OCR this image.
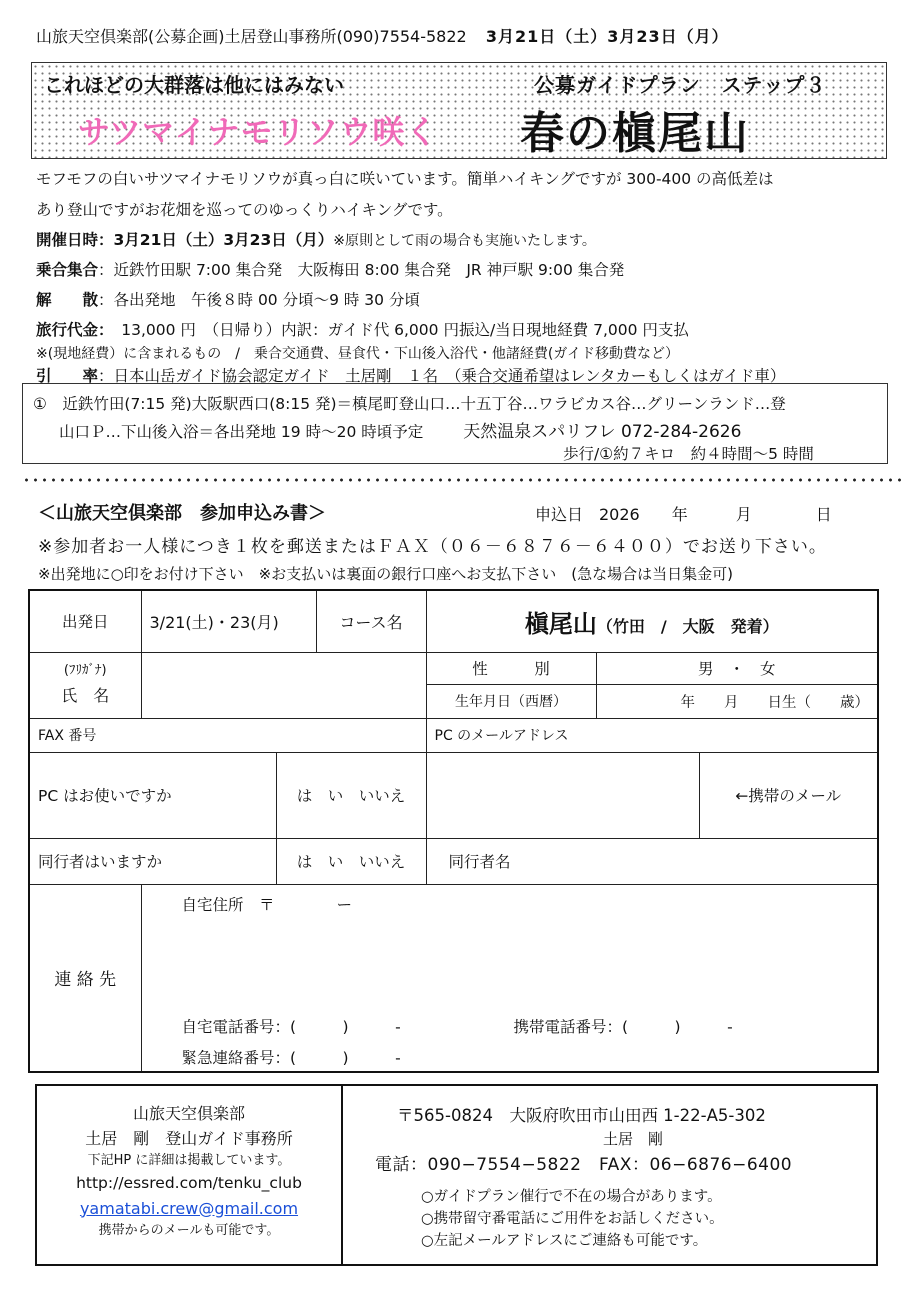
山旅天空倶楽部(公募企画)土居登山事務所(090)7554-5822 3月21日（土）3月23日（月）
これほどの大群落は他にはみない	公募ガイドプラン　ステップ３
サツマイナモリソウ咲く 春の槇尾山
モフモフの白いサツマイナモリソウが真っ白に咲いています。簡単ハイキングですが 300-400 の高低差は
あり登山ですがお花畑を巡ってのゆっくりハイキングです。
開催日時：3月21日（土）3月23日（月）※原則として雨の場合も実施いたします。
乗合集合：近鉄竹田駅 7:00 集合発　大阪梅田 8:00 集合発　JR 神戸駅 9:00 集合発
解　　散：各出発地　午後８時 00 分頃～9 時 30 分頃
旅行代金：　13,000 円　（日帰り）内訳：ガイド代 6,000 円振込/当日現地経費 7,000 円支払
※(現地経費）に含まれるもの　/　乗合交通費、昼食代・下山後入浴代・他諸経費(ガイド移動費など）
引　　率：日本山岳ガイド協会認定ガイド　土居剛　１名　（乗合交通希望はレンタカーもしくはガイド車）
①　近鉄竹田(7:15 発)大阪駅西口(8:15 発)＝槙尾町登山口…十五丁谷…ワラビカス谷…グリーンランド…登
山口Ｐ…下山後入浴＝各出発地 19 時～20 時頃予定 天然温泉スパリフレ 072-284-2626
歩行/①約７キロ　約４時間～5 時間
＜山旅天空倶楽部　参加申込み書＞	申込日　2026　　年　　　月　　　　日
※参加者お一人様につき１枚を郵送またはＦＡＸ（０６－６８７６－６４００）でお送り下さい。
※出発地に○印をお付け下さい　※お支払いは裏面の銀行口座へお支払下さい　(急な場合は当日集金可)
出発日	3/21(土)・23(月)		コース名	槇尾山（竹田　/　大阪　発着）		

(ﾌﾘｶﾞﾅ)
氏　名				性　　　別	男　・　女	
				生年月日（西暦）	年　　月　　日生（　　歳）	
FAX 番号				PC のメールアドレス		
PC はお使いですか		は　い　いいえ				←携帯のメール
同行者はいますか		は　い　いいえ		同行者名		
連 絡 先	自宅住所　〒　　　　ー
自宅電話番号：(　　　)　　　- 携帯電話番号：(　　　)　　　-
緊急連絡番号：(　　　)　　　-					
山旅天空倶楽部
土居　剛　登山ガイド事務所
下記HP に詳細は掲載しています。
http://essred.com/tenku_club
yamatabi.crew@gmail.com
携帯からのメールも可能です。
〒565-0824　大阪府吹田市山田西 1-22-A5-302
土居　剛
電話：090−7554−5822　FAX：06−6876−6400
○ガイドプラン催行で不在の場合があります。
○携帯留守番電話にご用件をお話しください。
○左記メールアドレスにご連絡も可能です。
